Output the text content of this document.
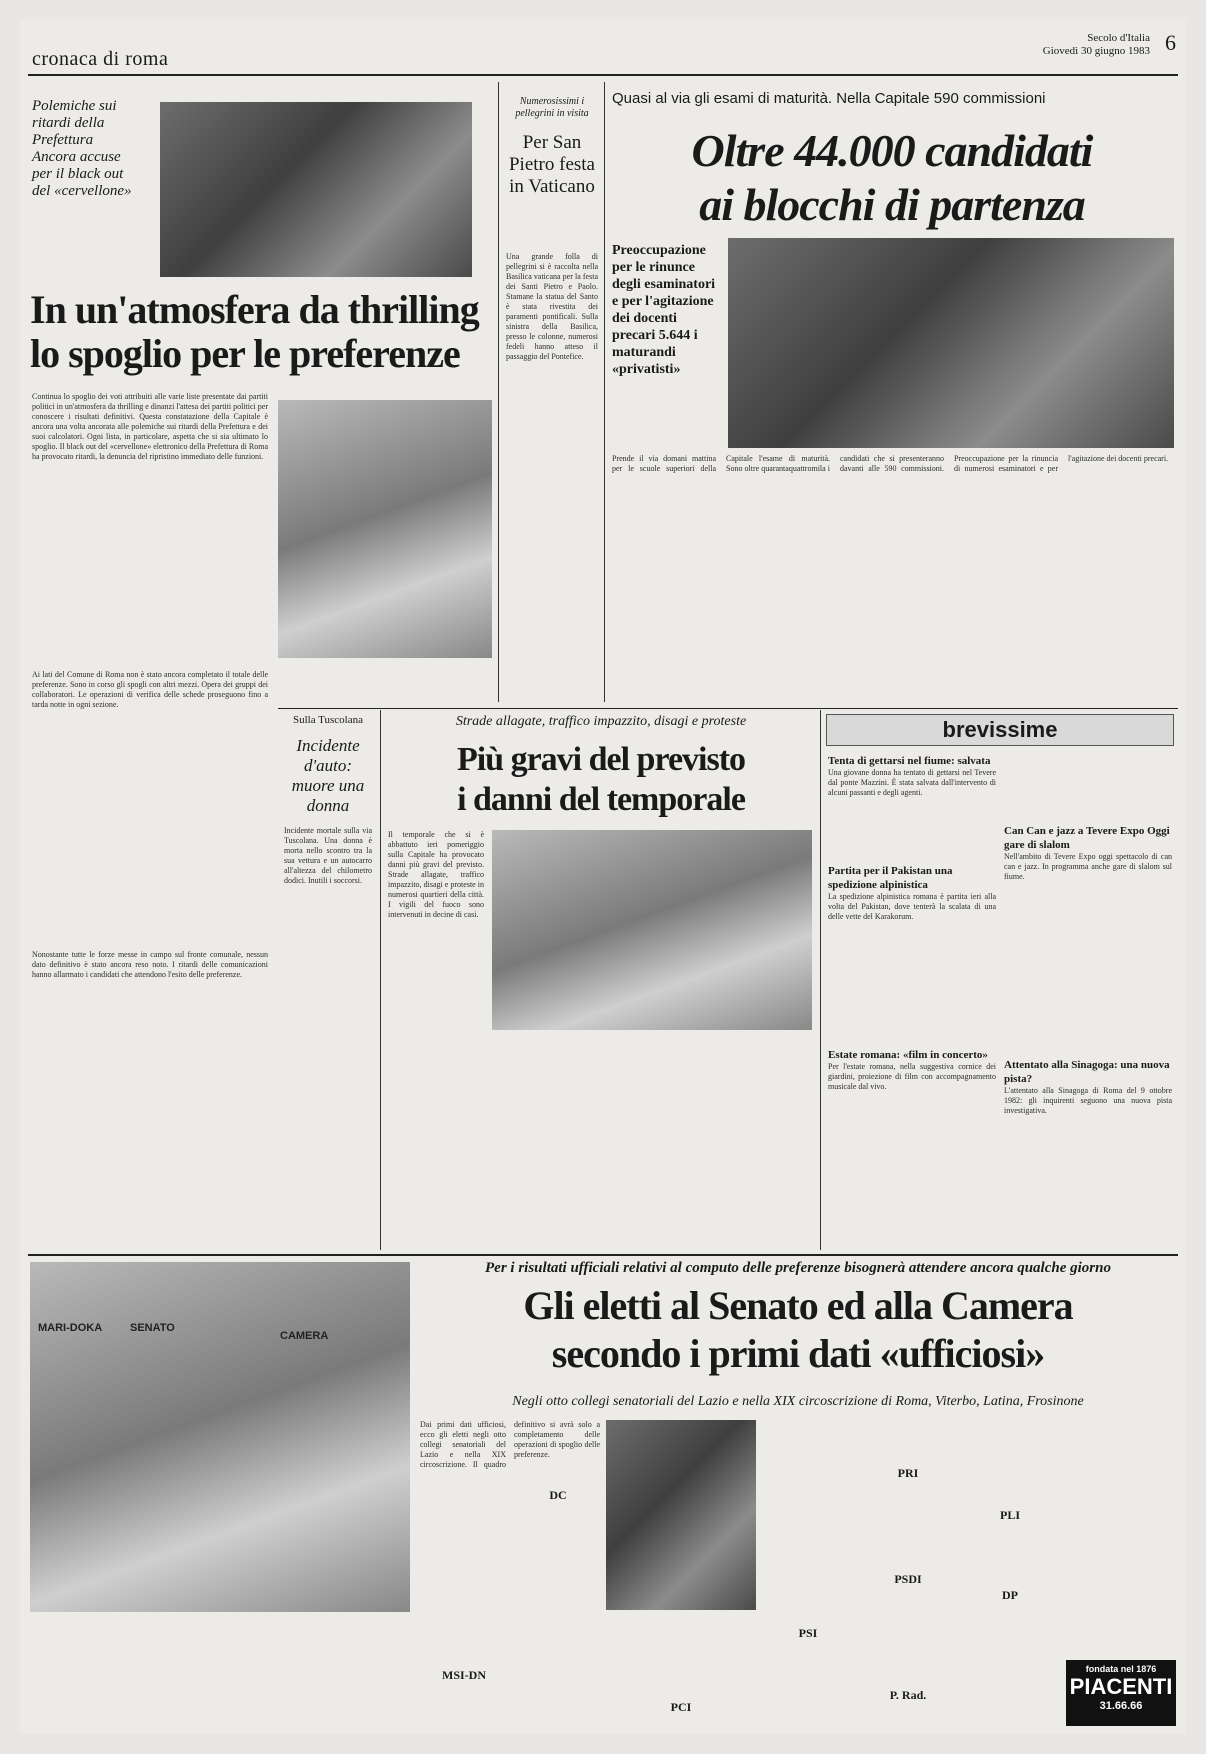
cronaca di roma
Secolo d'Italia
Giovedì 30 giugno 1983 6
Polemiche sui ritardi della Prefettura Ancora accuse per il black out del «cervellone»
In un'atmosfera da thrilling
lo spoglio per le preferenze
Continua lo spoglio dei voti attribuiti alle varie liste presentate dai partiti politici in un'atmosfera da thrilling e dinanzi l'attesa dei partiti politici per conoscere i risultati definitivi. Questa constatazione della Capitale è ancora una volta ancorata alle polemiche sui ritardi della Prefettura e dei suoi calcolatori. Ogni lista, in particolare, aspetta che si sia ultimato lo spoglio. Il black out del «cervellone» elettronico della Prefettura di Roma ha provocato ritardi, la denuncia del ripristino immediato delle funzioni.
Ai lati del Comune di Roma non è stato ancora completato il totale delle preferenze. Sono in corso gli spogli con altri mezzi. Opera dei gruppi dei collaboratori. Le operazioni di verifica delle schede proseguono fino a tarda notte in ogni sezione.
Nonostante tutte le forze messe in campo sul fronte comunale, nessun dato definitivo è stato ancora reso noto. I ritardi delle comunicazioni hanno allarmato i candidati che attendono l'esito delle preferenze.
Numerosissimi i pellegrini in visita
Per San Pietro festa in Vaticano
Una grande folla di pellegrini si è raccolta nella Basilica vaticana per la festa dei Santi Pietro e Paolo. Stamane la statua del Santo è stata rivestita dei paramenti pontificali. Sulla sinistra della Basilica, presso le colonne, numerosi fedeli hanno atteso il passaggio del Pontefice.
Quasi al via gli esami di maturità. Nella Capitale 590 commissioni
Oltre 44.000 candidati
ai blocchi di partenza
Preoccupazione per le rinunce degli esaminatori e per l'agitazione dei docenti precari 5.644 i maturandi «privatisti»
Prende il via domani mattina per le scuole superiori della Capitale l'esame di maturità. Sono oltre quarantaquattromila i candidati che si presenteranno davanti alle 590 commissioni. Preoccupazione per la rinuncia di numerosi esaminatori e per l'agitazione dei docenti precari.
Sulla Tuscolana
Incidente d'auto: muore una donna
Incidente mortale sulla via Tuscolana. Una donna è morta nello scontro tra la sua vettura e un autocarro all'altezza del chilometro dodici. Inutili i soccorsi.
Strade allagate, traffico impazzito, disagi e proteste
Più gravi del previsto
i danni del temporale
Il temporale che si è abbattuto ieri pomeriggio sulla Capitale ha provocato danni più gravi del previsto. Strade allagate, traffico impazzito, disagi e proteste in numerosi quartieri della città. I vigili del fuoco sono intervenuti in decine di casi.
brevissime
Tenta di gettarsi nel fiume: salvata
Una giovane donna ha tentato di gettarsi nel Tevere dal ponte Mazzini. È stata salvata dall'intervento di alcuni passanti e degli agenti.
Partita per il Pakistan una spedizione alpinistica
La spedizione alpinistica romana è partita ieri alla volta del Pakistan, dove tenterà la scalata di una delle vette del Karakorum.
Estate romana: «film in concerto»
Per l'estate romana, nella suggestiva cornice dei giardini, proiezione di film con accompagnamento musicale dal vivo.
Can Can e jazz a Tevere Expo Oggi gare di slalom
Nell'ambito di Tevere Expo oggi spettacolo di can can e jazz. In programma anche gare di slalom sul fiume.
Attentato alla Sinagoga: una nuova pista?
L'attentato alla Sinagoga di Roma del 9 ottobre 1982: gli inquirenti seguono una nuova pista investigativa.
MARI-DOKA	SENATO
CAMERA
Per i risultati ufficiali relativi al computo delle preferenze bisognerà attendere ancora qualche giorno
Gli eletti al Senato ed alla Camera
secondo i primi dati «ufficiosi»
Negli otto collegi senatoriali del Lazio e nella XIX circoscrizione di Roma, Viterbo, Latina, Frosinone
Dai primi dati ufficiosi, ecco gli eletti negli otto collegi senatoriali del Lazio e nella XIX circoscrizione. Il quadro definitivo si avrà solo a completamento delle operazioni di spoglio delle preferenze.
MSI-DN
DC
PCI
PSI
PRI
PSDI
P. Rad.
PLI
DP
fondata nel 1876
PIACENTI
31.66.66
